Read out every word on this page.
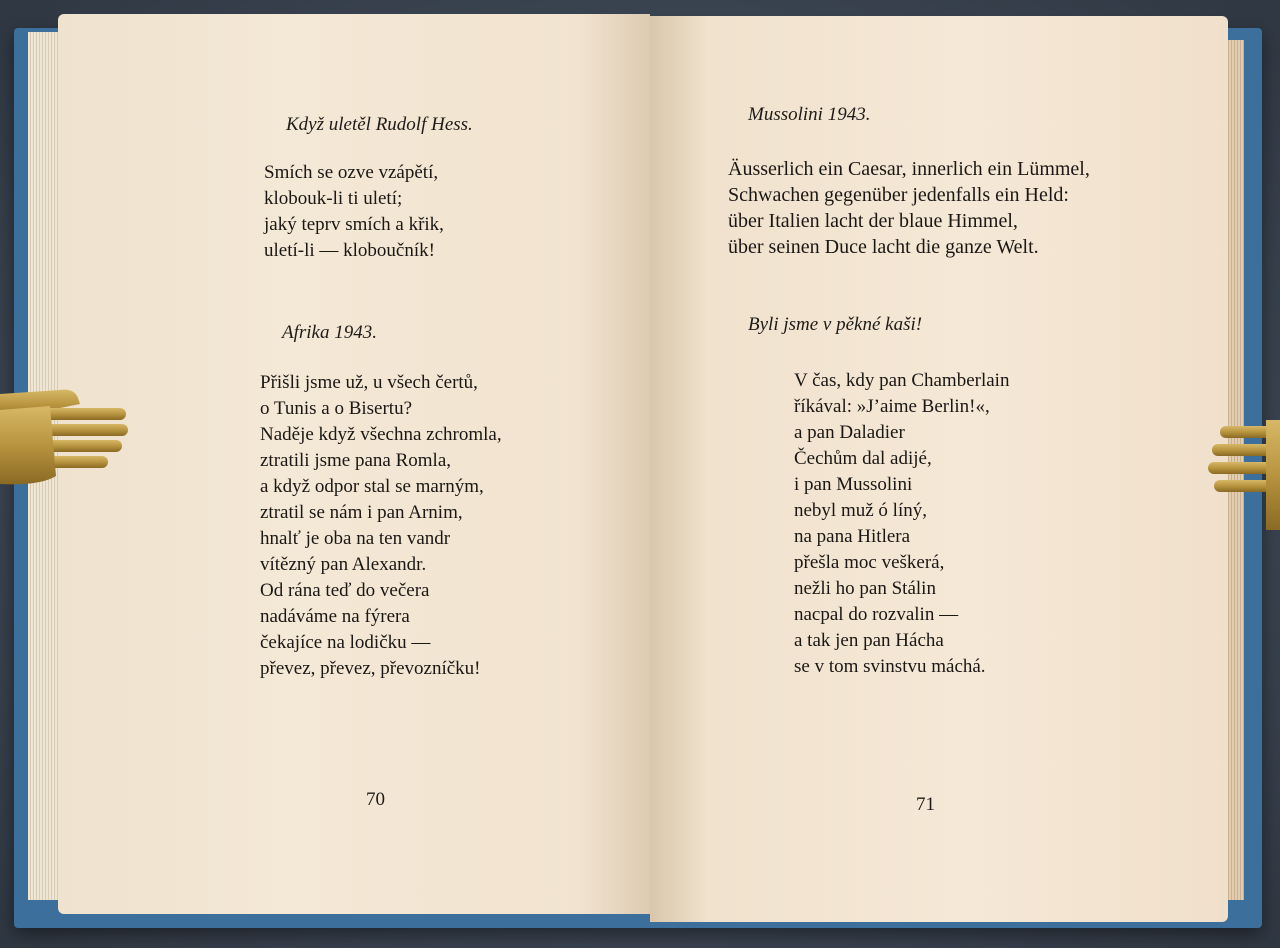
Když uletěl Rudolf Hess.
Smích se ozve vzápětí,
klobouk-li ti uletí;
jaký teprv smích a křik,
uletí-li — kloboučník!
Afrika 1943.
Přišli jsme už, u všech čertů,
o Tunis a o Bisertu?
Naděje když všechna zchromla,
ztratili jsme pana Romla,
a když odpor stal se marným,
ztratil se nám i pan Arnim,
hnalť je oba na ten vandr
vítězný pan Alexandr.
Od rána teď do večera
nadáváme na fýrera
čekajíce na lodičku —
převez, převez, převozníčku!
70
Mussolini 1943.
Äusserlich ein Caesar, innerlich ein Lümmel,
Schwachen gegenüber jedenfalls ein Held:
über Italien lacht der blaue Himmel,
über seinen Duce lacht die ganze Welt.
Byli jsme v pěkné kaši!
V čas, kdy pan Chamberlain
říkával: »J’aime Berlin!«,
a pan Daladier
Čechům dal adijé,
i pan Mussolini
nebyl muž ó líný,
na pana Hitlera
přešla moc veškerá,
nežli ho pan Stálin
nacpal do rozvalin —
a tak jen pan Hácha
se v tom svinstvu máchá.
71
